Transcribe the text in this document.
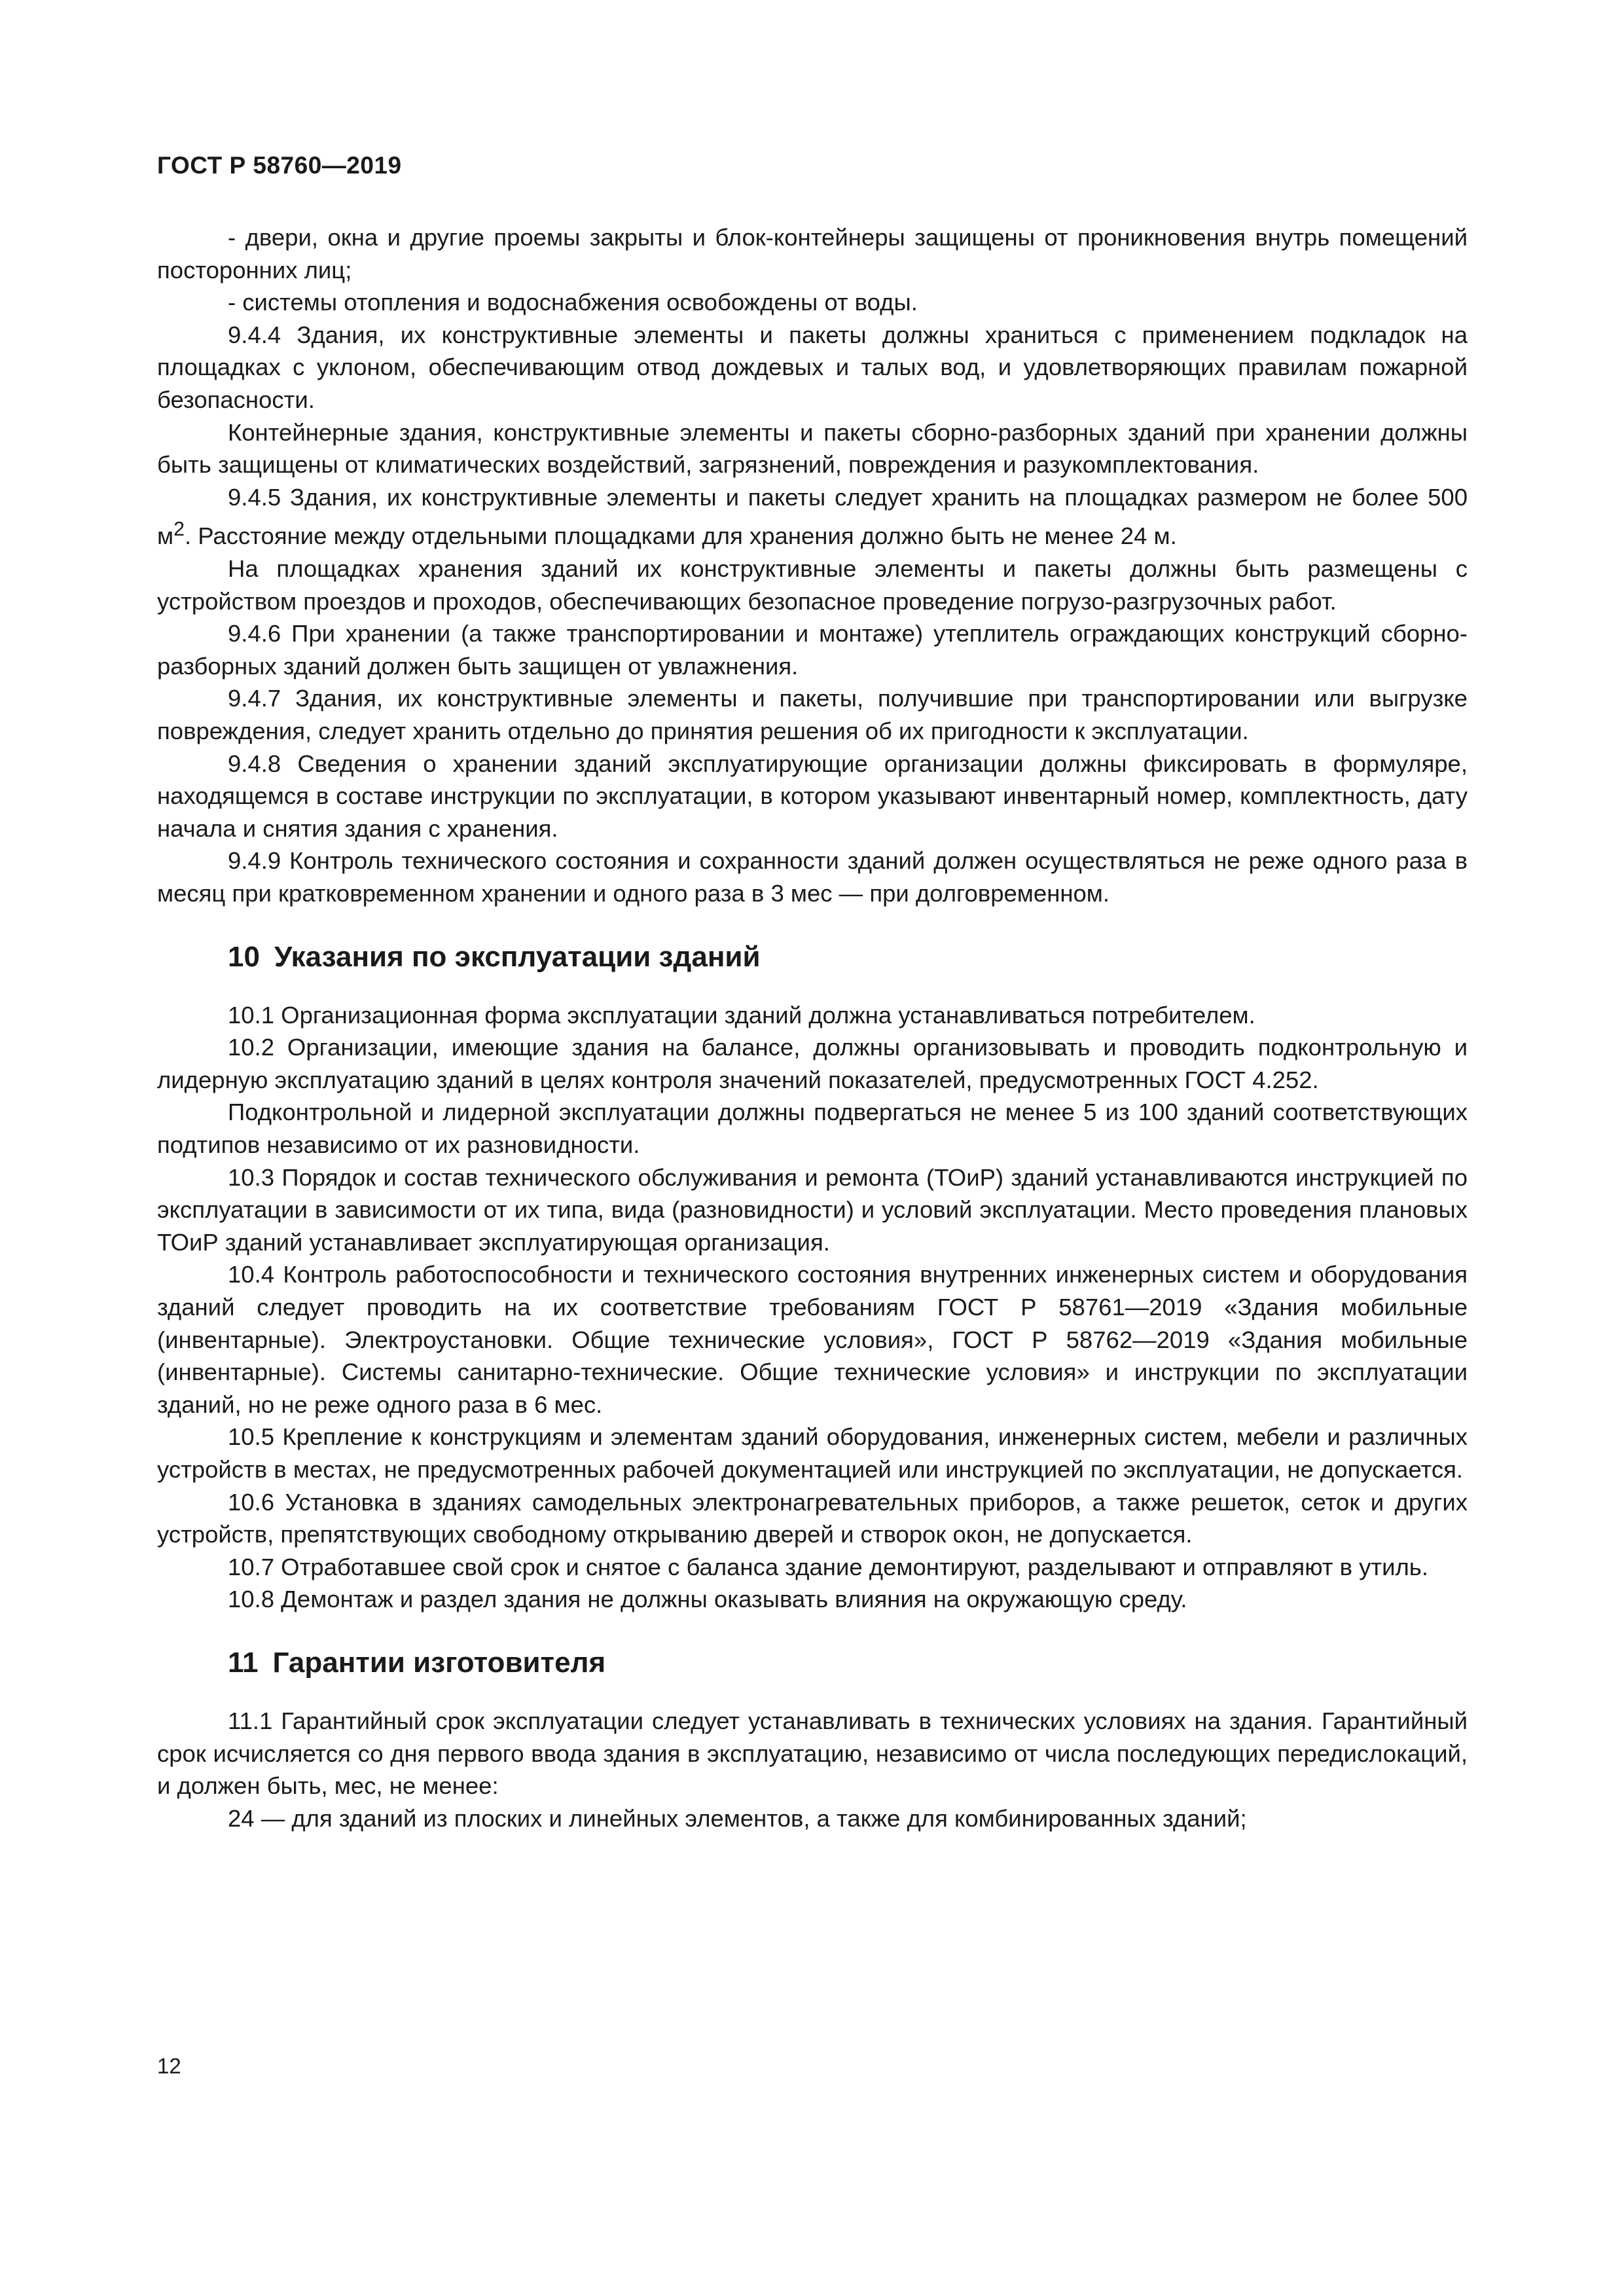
ГОСТ Р 58760—2019

- двери, окна и другие проемы закрыты и блок-контейнеры защищены от проникновения внутрь помещений посторонних лиц;

- системы отопления и водоснабжения освобождены от воды.

9.4.4 Здания, их конструктивные элементы и пакеты должны храниться с применением подкладок на площадках с уклоном, обеспечивающим отвод дождевых и талых вод, и удовлетворяющих правилам пожарной безопасности.

Контейнерные здания, конструктивные элементы и пакеты сборно-разборных зданий при хранении должны быть защищены от климатических воздействий, загрязнений, повреждения и разукомплектования.

9.4.5 Здания, их конструктивные элементы и пакеты следует хранить на площадках размером не более 500 $м^2$. Расстояние между отдельными площадками для хранения должно быть не менее 24 м.

На площадках хранения зданий их конструктивные элементы и пакеты должны быть размещены с устройством проездов и проходов, обеспечивающих безопасное проведение погрузо-разгрузочных работ.

9.4.6 При хранении (а также транспортировании и монтаже) утеплитель ограждающих конструкций сборно-разборных зданий должен быть защищен от увлажнения.

9.4.7 Здания, их конструктивные элементы и пакеты, получившие при транспортировании или выгрузке повреждения, следует хранить отдельно до принятия решения об их пригодности к эксплуатации.

9.4.8 Сведения о хранении зданий эксплуатирующие организации должны фиксировать в формуляре, находящемся в составе инструкции по эксплуатации, в котором указывают инвентарный номер, комплектность, дату начала и снятия здания с хранения.

9.4.9 Контроль технического состояния и сохранности зданий должен осуществляться не реже одного раза в месяц при кратковременном хранении и одного раза в 3 мес — при долговременном.

10 Указания по эксплуатации зданий

10.1 Организационная форма эксплуатации зданий должна устанавливаться потребителем.

10.2 Организации, имеющие здания на балансе, должны организовывать и проводить подконтрольную и лидерную эксплуатацию зданий в целях контроля значений показателей, предусмотренных ГОСТ 4.252.

Подконтрольной и лидерной эксплуатации должны подвергаться не менее 5 из 100 зданий соответствующих подтипов независимо от их разновидности.

10.3 Порядок и состав технического обслуживания и ремонта (ТОиР) зданий устанавливаются инструкцией по эксплуатации в зависимости от их типа, вида (разновидности) и условий эксплуатации. Место проведения плановых ТОиР зданий устанавливает эксплуатирующая организация.

10.4 Контроль работоспособности и технического состояния внутренних инженерных систем и оборудования зданий следует проводить на их соответствие требованиям ГОСТ Р 58761—2019 «Здания мобильные (инвентарные). Электроустановки. Общие технические условия», ГОСТ Р 58762—2019 «Здания мобильные (инвентарные). Системы санитарно-технические. Общие технические условия» и инструкции по эксплуатации зданий, но не реже одного раза в 6 мес.

10.5 Крепление к конструкциям и элементам зданий оборудования, инженерных систем, мебели и различных устройств в местах, не предусмотренных рабочей документацией или инструкцией по эксплуатации, не допускается.

10.6 Установка в зданиях самодельных электронагревательных приборов, а также решеток, сеток и других устройств, препятствующих свободному открыванию дверей и створок окон, не допускается.

10.7 Отработавшее свой срок и снятое с баланса здание демонтируют, разделывают и отправляют в утиль.

10.8 Демонтаж и раздел здания не должны оказывать влияния на окружающую среду.

11 Гарантии изготовителя

11.1 Гарантийный срок эксплуатации следует устанавливать в технических условиях на здания. Гарантийный срок исчисляется со дня первого ввода здания в эксплуатацию, независимо от числа последующих передислокаций, и должен быть, мес, не менее:

24 — для зданий из плоских и линейных элементов, а также для комбинированных зданий;

12
